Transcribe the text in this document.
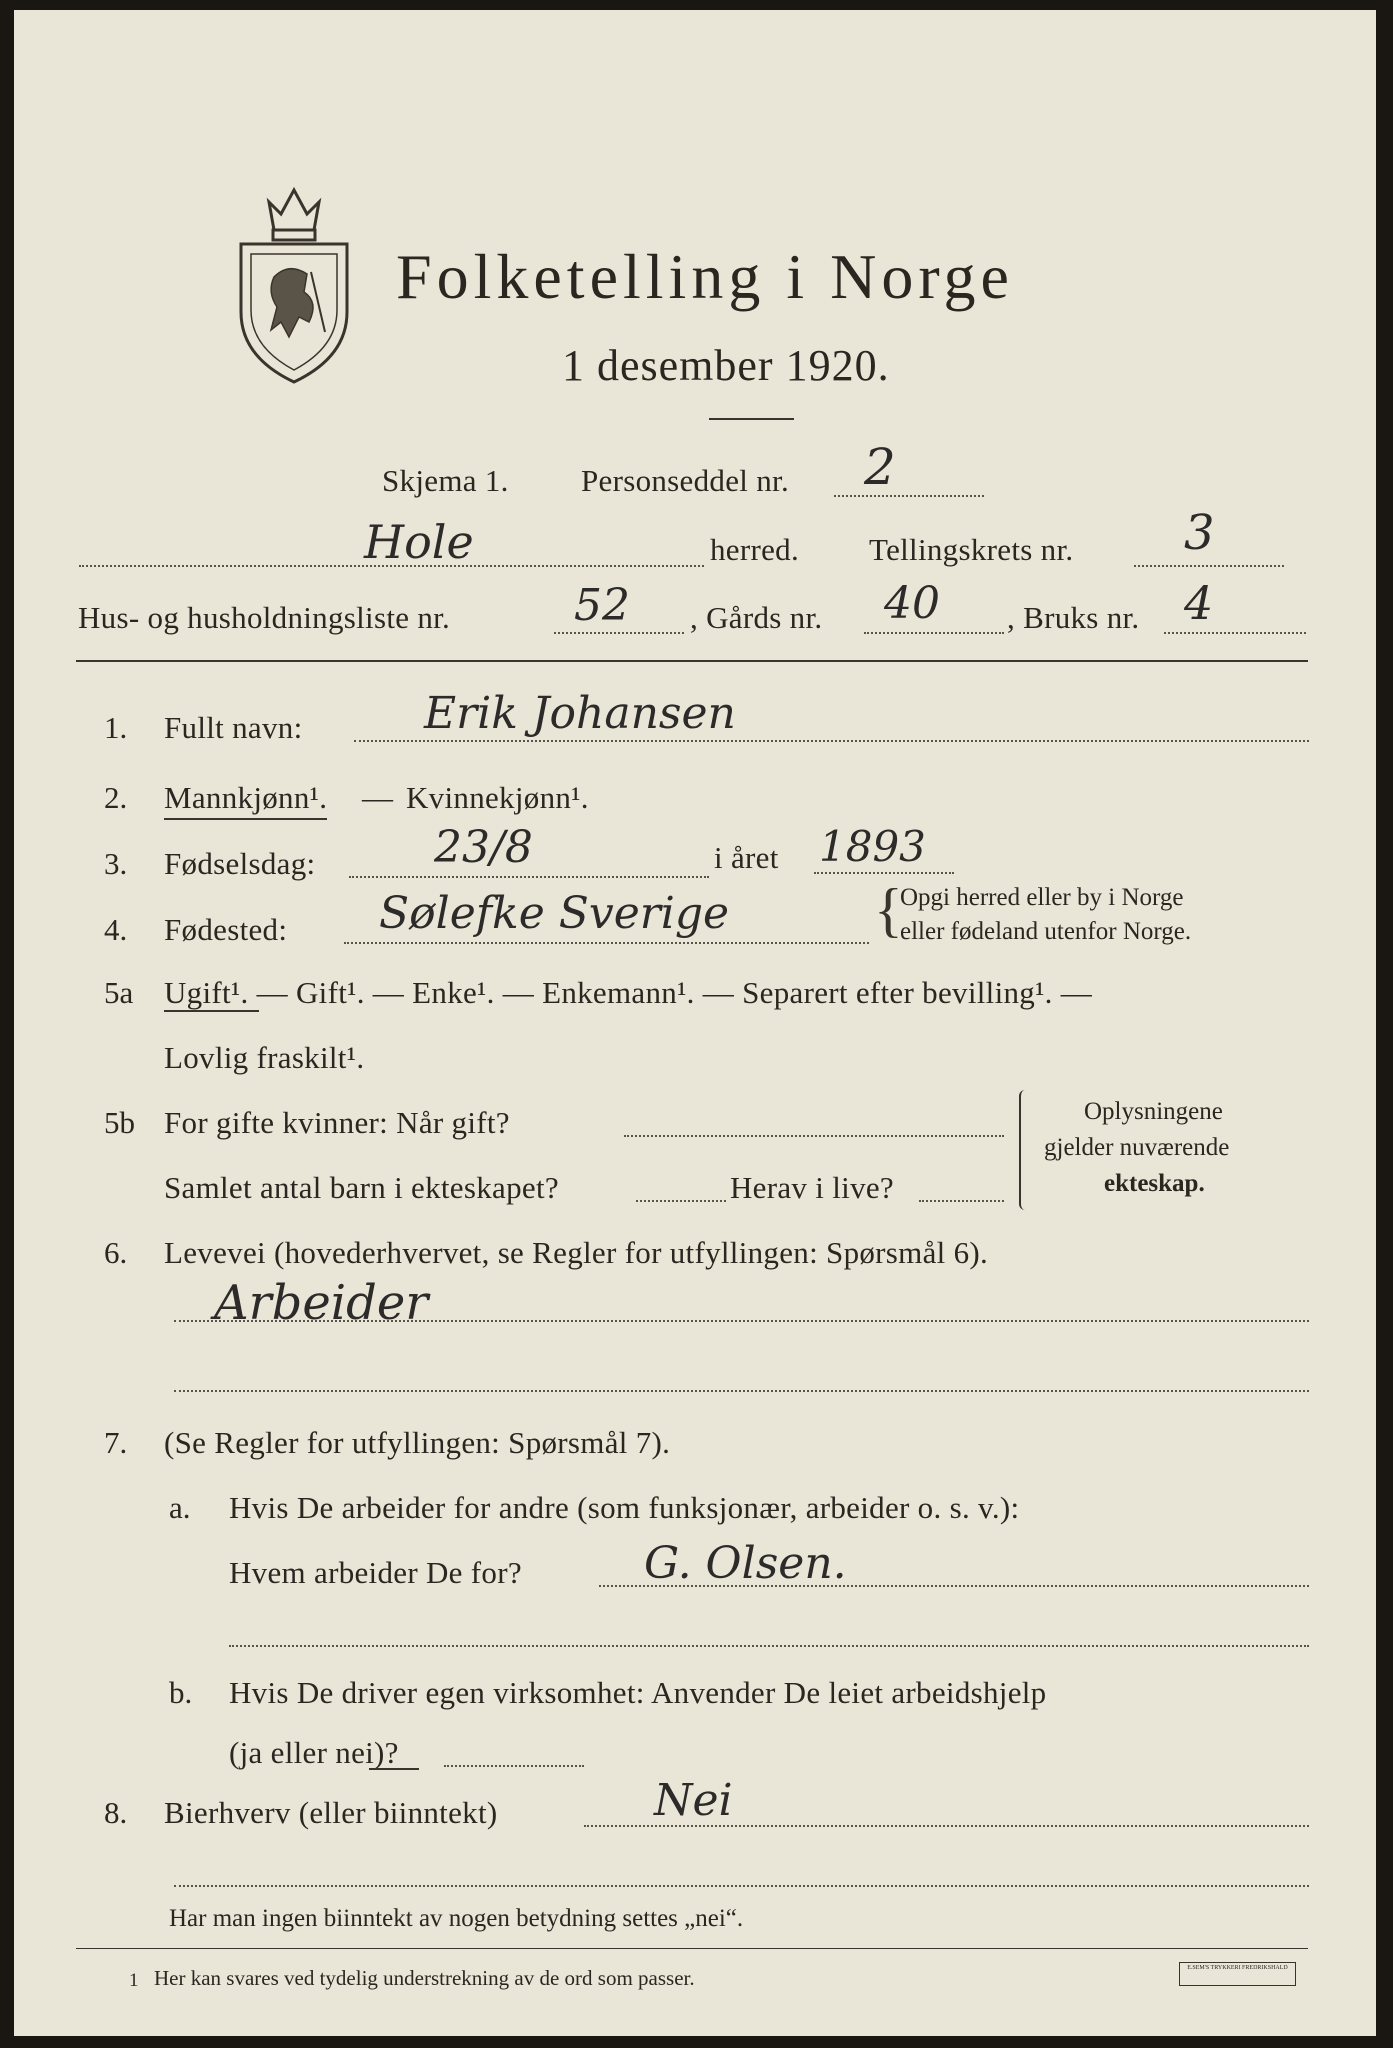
Folketelling i Norge
1 desember 1920.
Skjema 1. Personseddel nr. 2
Hole	herred. Tellingskrets nr. 3
Hus- og husholdningsliste nr.	52 , Gårds nr. 40 , Bruks nr. 4
1. Fullt navn:	Erik Johansen
2. Mannkjønn¹. — Kvinnekjønn¹.
3. Fødselsdag:	23/8	i året 1893
4. Fødested: Sølefke Sverige {
Opgi herred eller by i Norge
eller fødeland utenfor Norge.
5a Ugift¹. — Gift¹. — Enke¹. — Enkemann¹. — Separert efter bevilling¹. —
Lovlig fraskilt¹.
5b For gifte kvinner: Når gift?
Samlet antal barn i ekteskapet?	Herav i live?
Oplysningene
gjelder nuværende
ekteskap.
6. Levevei (hovederhvervet, se Regler for utfyllingen: Spørsmål 6).
Arbeider
7. (Se Regler for utfyllingen: Spørsmål 7).
a. Hvis De arbeider for andre (som funksjonær, arbeider o. s. v.):
Hvem arbeider De for?	G. Olsen.
b. Hvis De driver egen virksomhet: Anvender De leiet arbeidshjelp
(ja eller nei)?
8. Bierhverv (eller biinntekt)	Nei
Har man ingen biinntekt av nogen betydning settes „nei“.
1 Her kan svares ved tydelig understrekning av de ord som passer.	E.SEM'S TRYKKERI FREDRIKSHALD
